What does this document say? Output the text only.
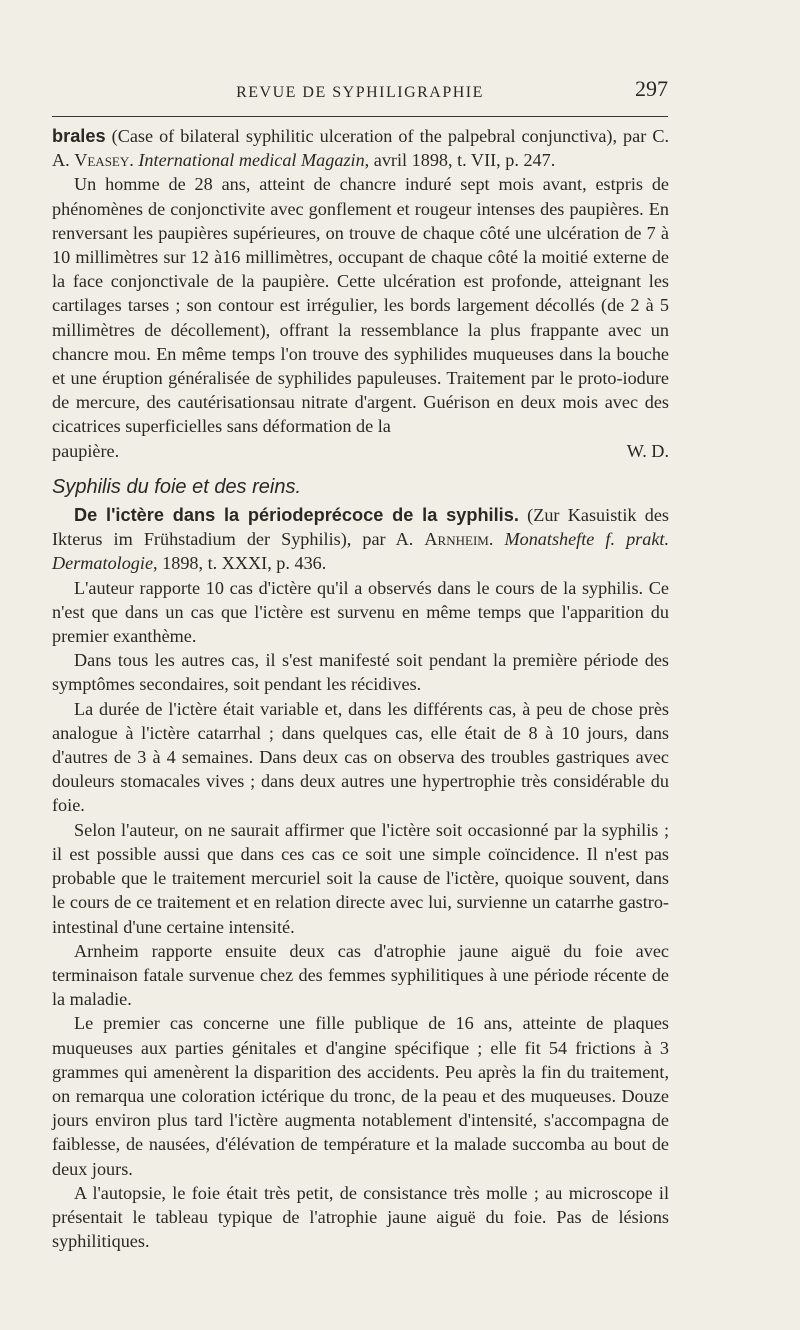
REVUE DE SYPHILIGRAPHIE	297

brales (Case of bilateral syphilitic ulceration of the palpebral conjunctiva), par C. A. Veasey. International medical Magazin, avril 1898, t. VII, p. 247.

Un homme de 28 ans, atteint de chancre induré sept mois avant, estpris de phénomènes de conjonctivite avec gonflement et rougeur intenses des paupières. En renversant les paupières supérieures, on trouve de chaque côté une ulcération de 7 à 10 millimètres sur 12 à16 millimètres, occupant de chaque côté la moitié externe de la face conjonctivale de la paupière. Cette ulcération est profonde, atteignant les cartilages tarses ; son contour est irrégulier, les bords largement décollés (de 2 à 5 millimètres de décollement), offrant la ressemblance la plus frappante avec un chancre mou. En même temps l'on trouve des syphilides muqueuses dans la bouche et une éruption généralisée de syphilides papuleuses. Traitement par le proto-iodure de mercure, des cautérisationsau nitrate d'argent. Guérison en deux mois avec des cicatrices superficielles sans déformation de la

paupière.	W. D.
Syphilis du foie et des reins.

De l'ictère dans la périodeprécoce de la syphilis. (Zur Kasuistik des Ikterus im Frühstadium der Syphilis), par A. Arnheim. Monatshefte f. prakt. Dermatologie, 1898, t. XXXI, p. 436.

L'auteur rapporte 10 cas d'ictère qu'il a observés dans le cours de la syphilis. Ce n'est que dans un cas que l'ictère est survenu en même temps que l'apparition du premier exanthème.

Dans tous les autres cas, il s'est manifesté soit pendant la première période des symptômes secondaires, soit pendant les récidives.

La durée de l'ictère était variable et, dans les différents cas, à peu de chose près analogue à l'ictère catarrhal ; dans quelques cas, elle était de 8 à 10 jours, dans d'autres de 3 à 4 semaines. Dans deux cas on observa des troubles gastriques avec douleurs stomacales vives ; dans deux autres une hypertrophie très considérable du foie.

Selon l'auteur, on ne saurait affirmer que l'ictère soit occasionné par la syphilis ; il est possible aussi que dans ces cas ce soit une simple coïncidence. Il n'est pas probable que le traitement mercuriel soit la cause de l'ictère, quoique souvent, dans le cours de ce traitement et en relation directe avec lui, survienne un catarrhe gastro-intestinal d'une certaine intensité.

Arnheim rapporte ensuite deux cas d'atrophie jaune aiguë du foie avec terminaison fatale survenue chez des femmes syphilitiques à une période récente de la maladie.

Le premier cas concerne une fille publique de 16 ans, atteinte de plaques muqueuses aux parties génitales et d'angine spécifique ; elle fit 54 frictions à 3 grammes qui amenèrent la disparition des accidents. Peu après la fin du traitement, on remarqua une coloration ictérique du tronc, de la peau et des muqueuses. Douze jours environ plus tard l'ictère augmenta notablement d'intensité, s'accompagna de faiblesse, de nausées, d'élévation de température et la malade succomba au bout de deux jours.

A l'autopsie, le foie était très petit, de consistance très molle ; au microscope il présentait le tableau typique de l'atrophie jaune aiguë du foie. Pas de lésions syphilitiques.
